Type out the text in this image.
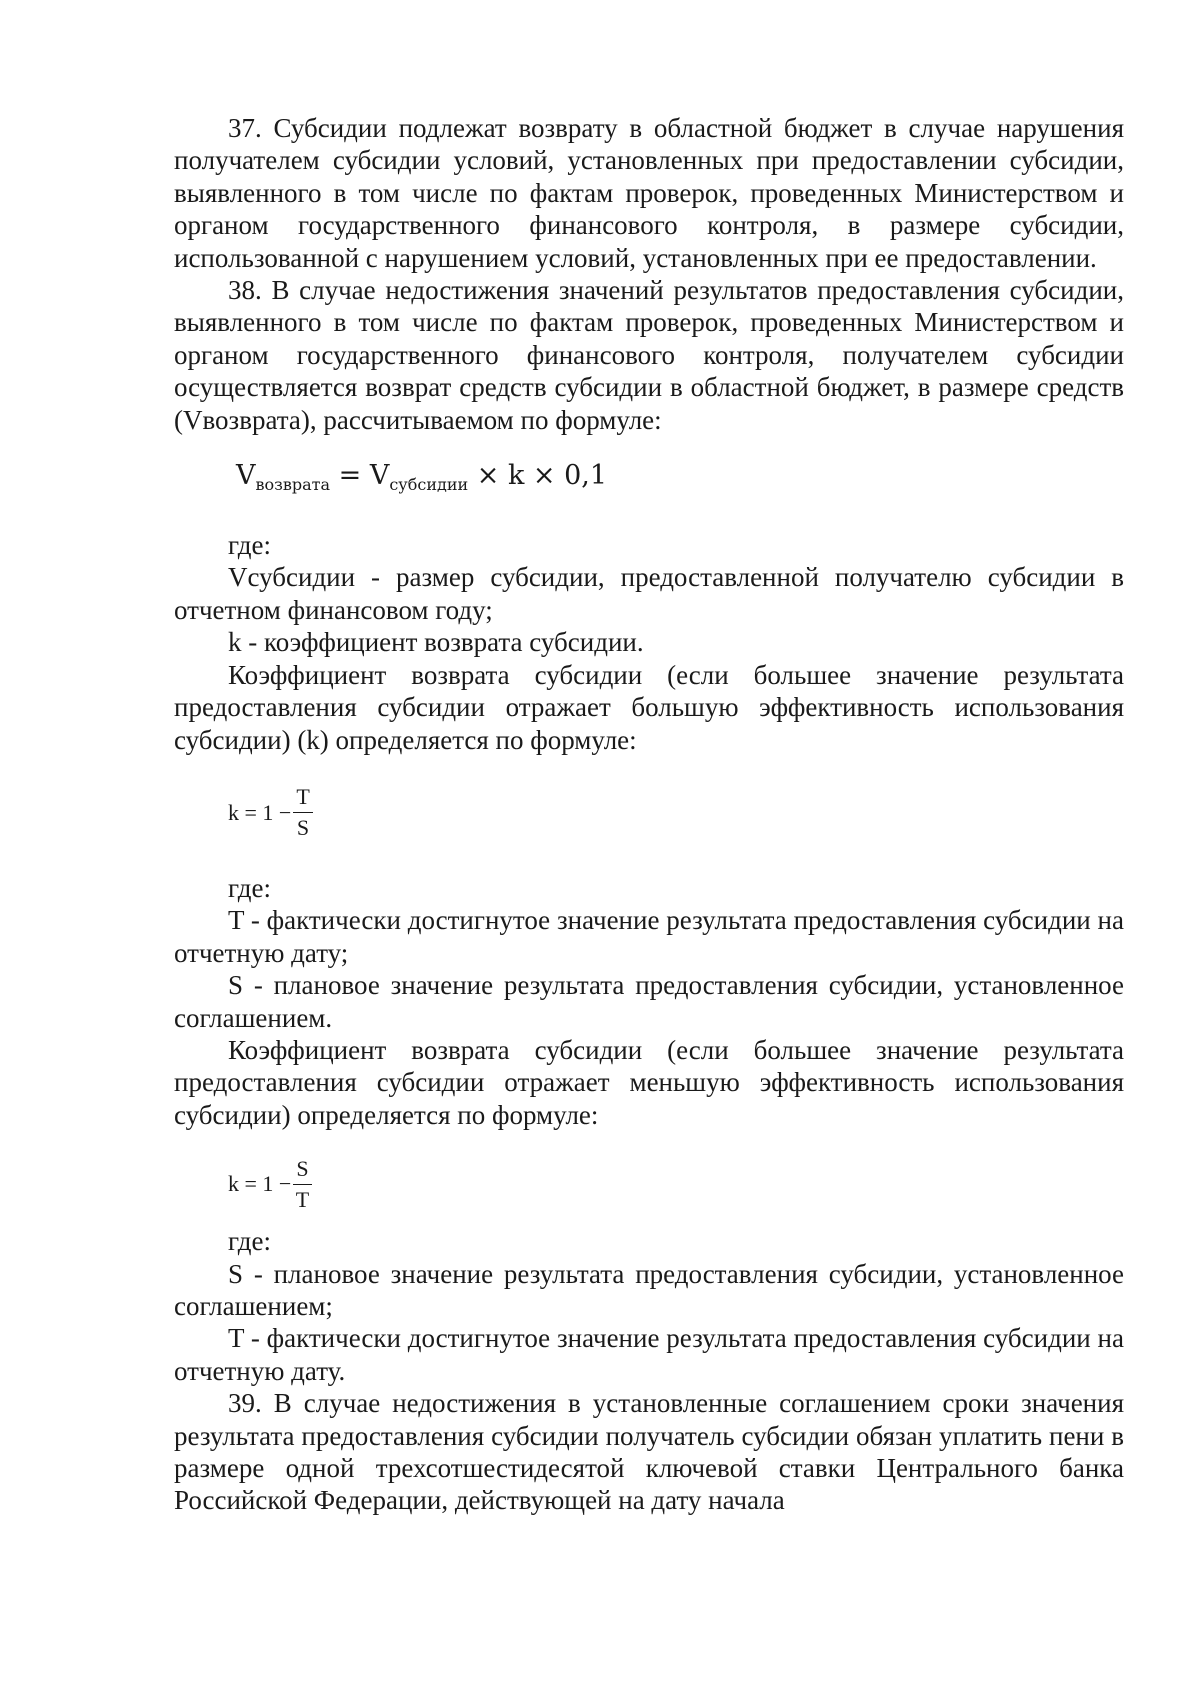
37. Субсидии подлежат возврату в областной бюджет в случае нарушения получателем субсидии условий, установленных при предоставлении субсидии, выявленного в том числе по фактам проверок, проведенных Министерством и органом государственного финансового контроля, в размере субсидии, использованной с нарушением условий, установленных при ее предоставлении.

38. В случае недостижения значений результатов предоставления субсидии, выявленного в том числе по фактам проверок, проведенных Министерством и органом государственного финансового контроля, получателем субсидии осуществляется возврат средств субсидии в областной бюджет, в размере средств (Vвозврата), рассчитываемом по формуле:

$V_{возврата} = V_{субсидии} \times k \times 0,1$

где:

Vсубсидии - размер субсидии, предоставленной получателю субсидии в отчетном финансовом году;

k - коэффициент возврата субсидии.

Коэффициент возврата субсидии (если большее значение результата предоставления субсидии отражает большую эффективность использования субсидии) (k) определяется по формуле:

$k = 1 - \frac{T}{S}$

где:

T - фактически достигнутое значение результата предоставления субсидии на отчетную дату;

S - плановое значение результата предоставления субсидии, установленное соглашением.

Коэффициент возврата субсидии (если большее значение результата предоставления субсидии отражает меньшую эффективность использования субсидии) определяется по формуле:

$k = 1 - \frac{S}{T}$

где:

S - плановое значение результата предоставления субсидии, установленное соглашением;

T - фактически достигнутое значение результата предоставления субсидии на отчетную дату.

39. В случае недостижения в установленные соглашением сроки значения результата предоставления субсидии получатель субсидии обязан уплатить пени в размере одной трехсотшестидесятой ключевой ставки Центрального банка Российской Федерации, действующей на дату начала
